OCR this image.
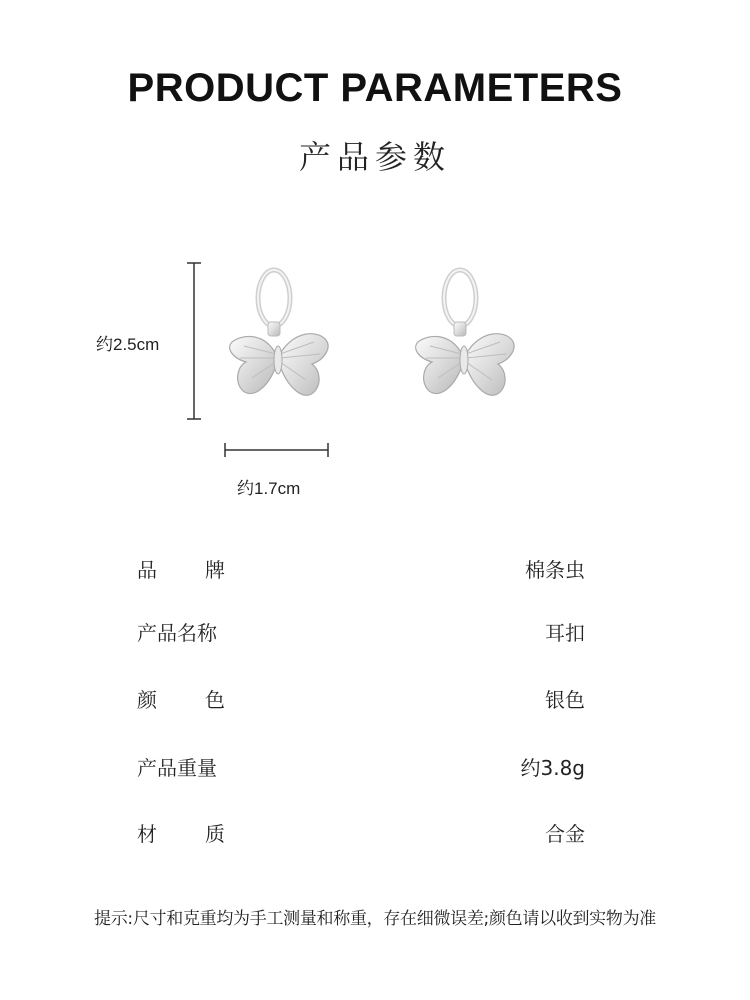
PRODUCT PARAMETERS
产品参数
约2.5cm
约1.7cm
品 牌	棉条虫
产品名称	耳扣
颜 色	银色
产品重量	约3.8g
材 质	合金
提示:尺寸和克重均为手工测量和称重，存在细微误差;颜色请以收到实物为准
